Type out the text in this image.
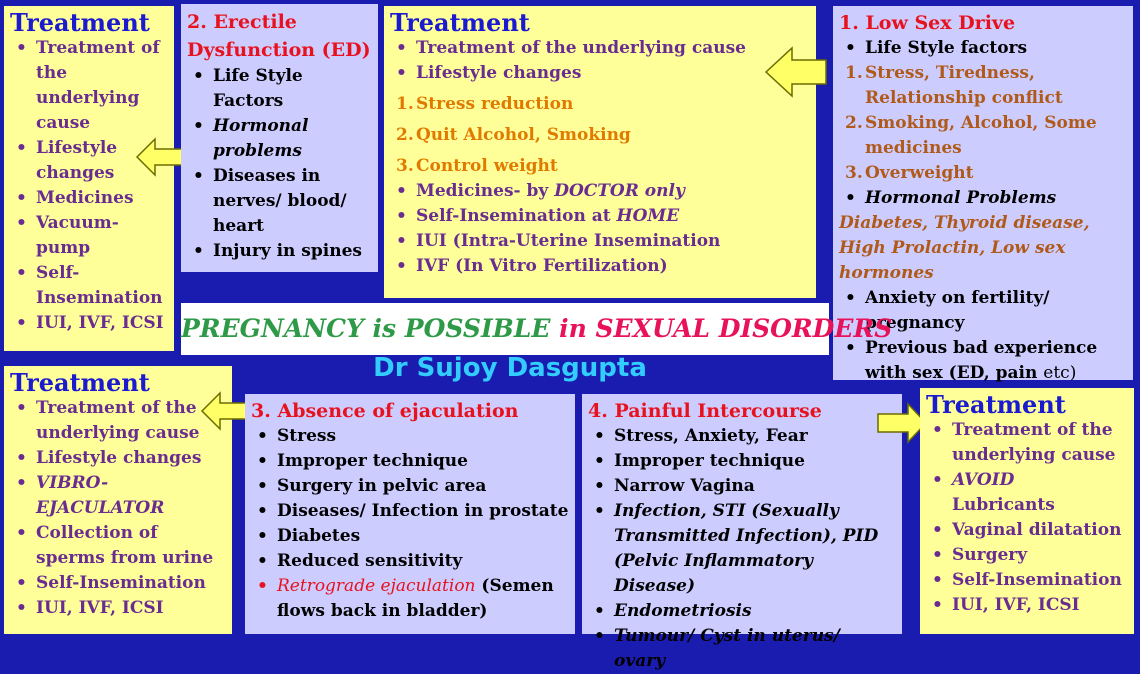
Treatment
• Treatment of the underlying cause
• Lifestyle changes
• Medicines
• Vacuum-pump
• Self-Insemination
• IUI, IVF, ICSI
2. Erectile Dysfunction (ED)
• Life Style Factors
• Hormonal problems
• Diseases in nerves/ blood/ heart
• Injury in spines
Treatment
• Treatment of the underlying cause
• Lifestyle changes
1. Stress reduction
2. Quit Alcohol, Smoking
3. Control weight
• Medicines- by DOCTOR only
• Self-Insemination at HOME
• IUI (Intra-Uterine Insemination
• IVF (In Vitro Fertilization)
1. Low Sex Drive
• Life Style factors
1. Stress, Tiredness, Relationship conflict
2. Smoking, Alcohol, Some medicines
3. Overweight
• Hormonal Problems
Diabetes, Thyroid disease, High Prolactin, Low sex hormones
• Anxiety on fertility/ pregnancy
• Previous bad experience with sex (ED, pain etc)
PREGNANCY is POSSIBLE in SEXUAL DISORDERS
Dr Sujoy Dasgupta
Treatment
• Treatment of the underlying cause
• Lifestyle changes
• VIBRO-EJACULATOR
• Collection of sperms from urine
• Self-Insemination
• IUI, IVF, ICSI
3. Absence of ejaculation
• Stress
• Improper technique
• Surgery in pelvic area
• Diseases/ Infection in prostate
• Diabetes
• Reduced sensitivity
• Retrograde ejaculation (Semen flows back in bladder)
4. Painful Intercourse
• Stress, Anxiety, Fear
• Improper technique
• Narrow Vagina
• Infection, STI (Sexually Transmitted Infection), PID (Pelvic Inflammatory Disease)
• Endometriosis
• Tumour/ Cyst in uterus/ ovary
Treatment
• Treatment of the underlying cause
• AVOID
Lubricants
• Vaginal dilatation
• Surgery
• Self-Insemination
• IUI, IVF, ICSI
